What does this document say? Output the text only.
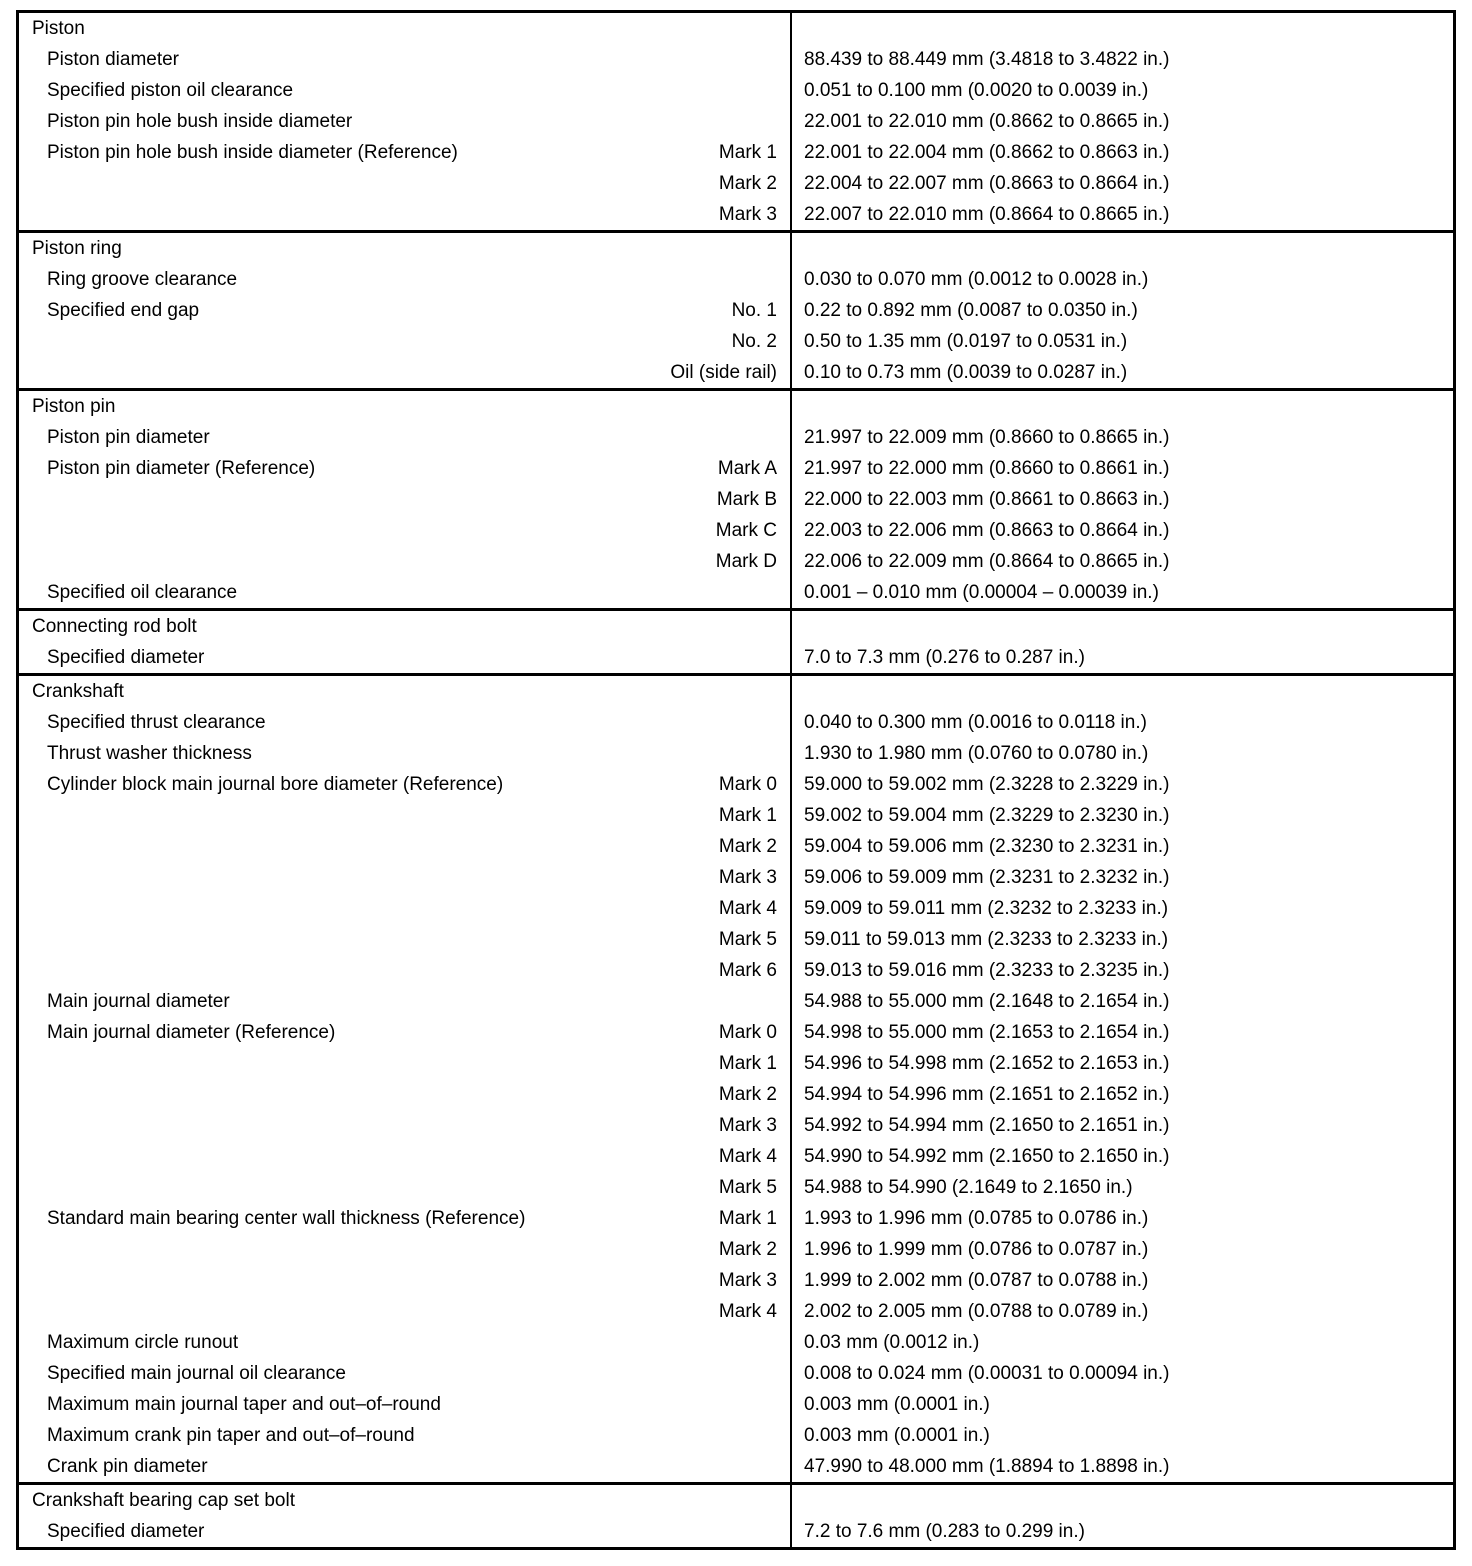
Piston
Piston diameter	88.439 to 88.449 mm (3.4818 to 3.4822 in.)
Specified piston oil clearance	0.051 to 0.100 mm (0.0020 to 0.0039 in.)
Piston pin hole bush inside diameter	22.001 to 22.010 mm (0.8662 to 0.8665 in.)
Piston pin hole bush inside diameter (Reference)	Mark 1	22.001 to 22.004 mm (0.8662 to 0.8663 in.)
Mark 2	22.004 to 22.007 mm (0.8663 to 0.8664 in.)
Mark 3	22.007 to 22.010 mm (0.8664 to 0.8665 in.)
Piston ring
Ring groove clearance	0.030 to 0.070 mm (0.0012 to 0.0028 in.)
Specified end gap	No. 1	0.22 to 0.892 mm (0.0087 to 0.0350 in.)
No. 2	0.50 to 1.35 mm (0.0197 to 0.0531 in.)
Oil (side rail)	0.10 to 0.73 mm (0.0039 to 0.0287 in.)
Piston pin
Piston pin diameter	21.997 to 22.009 mm (0.8660 to 0.8665 in.)
Piston pin diameter (Reference)	Mark A	21.997 to 22.000 mm (0.8660 to 0.8661 in.)
Mark B	22.000 to 22.003 mm (0.8661 to 0.8663 in.)
Mark C	22.003 to 22.006 mm (0.8663 to 0.8664 in.)
Mark D	22.006 to 22.009 mm (0.8664 to 0.8665 in.)
Specified oil clearance	0.001 – 0.010 mm (0.00004 – 0.00039 in.)
Connecting rod bolt
Specified diameter	7.0 to 7.3 mm (0.276 to 0.287 in.)
Crankshaft
Specified thrust clearance	0.040 to 0.300 mm (0.0016 to 0.0118 in.)
Thrust washer thickness	1.930 to 1.980 mm (0.0760 to 0.0780 in.)
Cylinder block main journal bore diameter (Reference)	Mark 0	59.000 to 59.002 mm (2.3228 to 2.3229 in.)
Mark 1	59.002 to 59.004 mm (2.3229 to 2.3230 in.)
Mark 2	59.004 to 59.006 mm (2.3230 to 2.3231 in.)
Mark 3	59.006 to 59.009 mm (2.3231 to 2.3232 in.)
Mark 4	59.009 to 59.011 mm (2.3232 to 2.3233 in.)
Mark 5	59.011 to 59.013 mm (2.3233 to 2.3233 in.)
Mark 6	59.013 to 59.016 mm (2.3233 to 2.3235 in.)
Main journal diameter	54.988 to 55.000 mm (2.1648 to 2.1654 in.)
Main journal diameter (Reference)	Mark 0	54.998 to 55.000 mm (2.1653 to 2.1654 in.)
Mark 1	54.996 to 54.998 mm (2.1652 to 2.1653 in.)
Mark 2	54.994 to 54.996 mm (2.1651 to 2.1652 in.)
Mark 3	54.992 to 54.994 mm (2.1650 to 2.1651 in.)
Mark 4	54.990 to 54.992 mm (2.1650 to 2.1650 in.)
Mark 5	54.988 to 54.990 (2.1649 to 2.1650 in.)
Standard main bearing center wall thickness (Reference)	Mark 1	1.993 to 1.996 mm (0.0785 to 0.0786 in.)
Mark 2	1.996 to 1.999 mm (0.0786 to 0.0787 in.)
Mark 3	1.999 to 2.002 mm (0.0787 to 0.0788 in.)
Mark 4	2.002 to 2.005 mm (0.0788 to 0.0789 in.)
Maximum circle runout	0.03 mm (0.0012 in.)
Specified main journal oil clearance	0.008 to 0.024 mm (0.00031 to 0.00094 in.)
Maximum main journal taper and out–of–round	0.003 mm (0.0001 in.)
Maximum crank pin taper and out–of–round	0.003 mm (0.0001 in.)
Crank pin diameter	47.990 to 48.000 mm (1.8894 to 1.8898 in.)
Crankshaft bearing cap set bolt
Specified diameter	7.2 to 7.6 mm (0.283 to 0.299 in.)
